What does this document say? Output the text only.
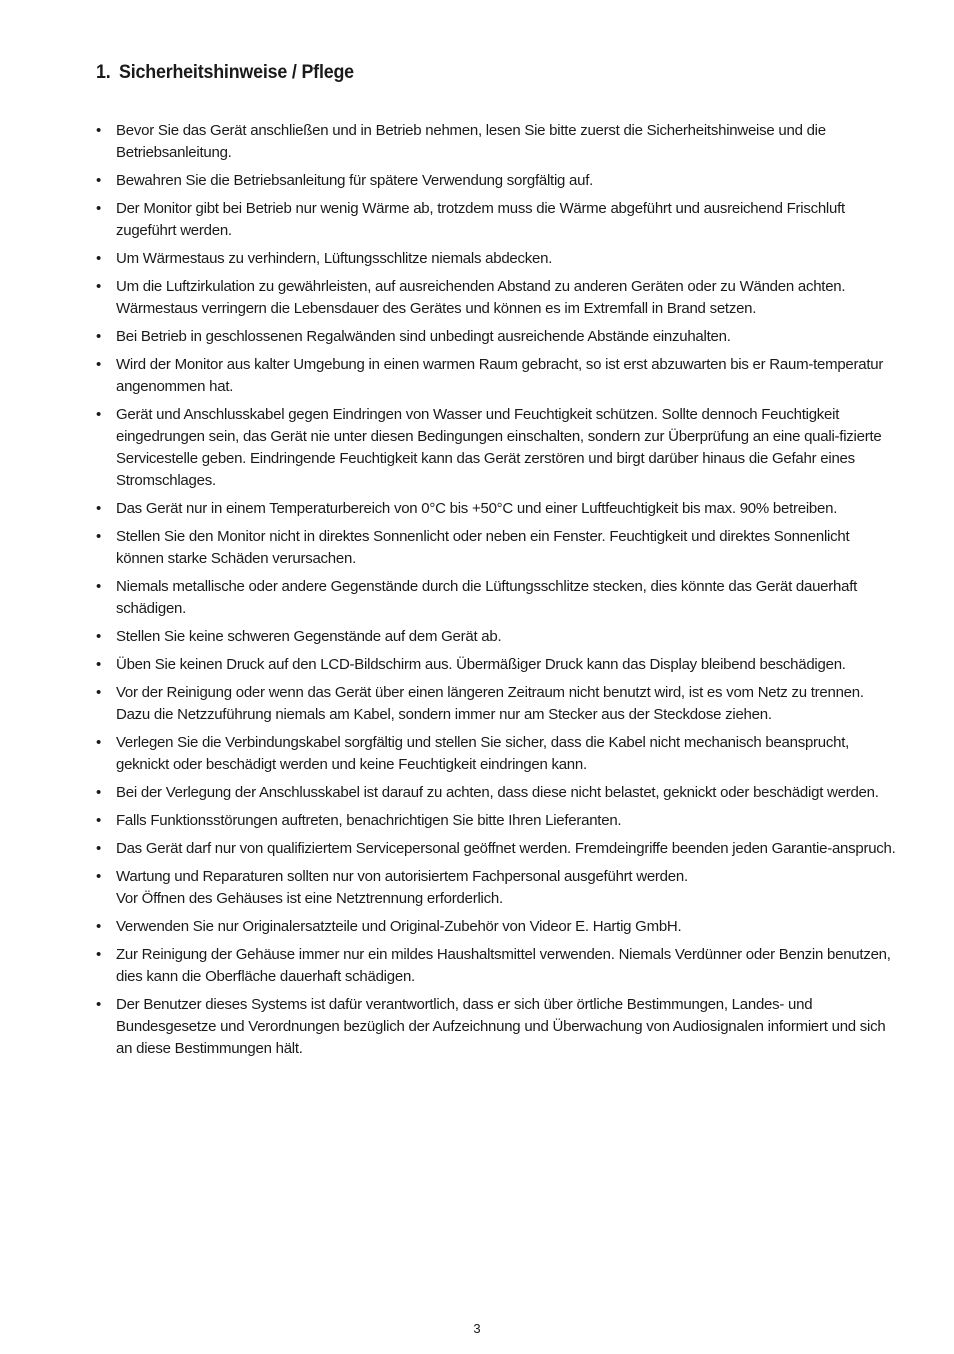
1. Sicherheitshinweise / Pflege
• Bevor Sie das Gerät anschließen und in Betrieb nehmen, lesen Sie bitte zuerst die Sicherheitshinweise und die Betriebsanleitung.
• Bewahren Sie die Betriebsanleitung für spätere Verwendung sorgfältig auf.
• Der Monitor gibt bei Betrieb nur wenig Wärme ab, trotzdem muss die Wärme abgeführt und ausreichend Frischluft zugeführt werden.
• Um Wärmestaus zu verhindern, Lüftungsschlitze niemals abdecken.
• Um die Luftzirkulation zu gewährleisten, auf ausreichenden Abstand zu anderen Geräten oder zu Wänden achten. Wärmestaus verringern die Lebensdauer des Gerätes und können es im Extremfall in Brand setzen.
• Bei Betrieb in geschlossenen Regalwänden sind unbedingt ausreichende Abstände einzuhalten.
• Wird der Monitor aus kalter Umgebung in einen warmen Raum gebracht, so ist erst abzuwarten bis er Raum-temperatur angenommen hat.
• Gerät und Anschlusskabel gegen Eindringen von Wasser und Feuchtigkeit schützen. Sollte dennoch Feuchtigkeit eingedrungen sein, das Gerät nie unter diesen Bedingungen einschalten, sondern zur Überprüfung an eine quali-fizierte Servicestelle geben. Eindringende Feuchtigkeit kann das Gerät zerstören und birgt darüber hinaus die Gefahr eines Stromschlages.
• Das Gerät nur in einem Temperaturbereich von 0°C bis +50°C und einer Luftfeuchtigkeit bis max. 90% betreiben.
• Stellen Sie den Monitor nicht in direktes Sonnenlicht oder neben ein Fenster. Feuchtigkeit und direktes Sonnenlicht können starke Schäden verursachen.
• Niemals metallische oder andere Gegenstände durch die Lüftungsschlitze stecken, dies könnte das Gerät dauerhaft schädigen.
• Stellen Sie keine schweren Gegenstände auf dem Gerät ab.
• Üben Sie keinen Druck auf den LCD-Bildschirm aus. Übermäßiger Druck kann das Display bleibend beschädigen.
• Vor der Reinigung oder wenn das Gerät über einen längeren Zeitraum nicht benutzt wird, ist es vom Netz zu trennen. Dazu die Netzzuführung niemals am Kabel, sondern immer nur am Stecker aus der Steckdose ziehen.
• Verlegen Sie die Verbindungskabel sorgfältig und stellen Sie sicher, dass die Kabel nicht mechanisch beansprucht, geknickt oder beschädigt werden und keine Feuchtigkeit eindringen kann.
• Bei der Verlegung der Anschlusskabel ist darauf zu achten, dass diese nicht belastet, geknickt oder beschädigt werden.
• Falls Funktionsstörungen auftreten, benachrichtigen Sie bitte Ihren Lieferanten.
• Das Gerät darf nur von qualifiziertem Servicepersonal geöffnet werden. Fremdeingriffe beenden jeden Garantie-anspruch.
• Wartung und Reparaturen sollten nur von autorisiertem Fachpersonal ausgeführt werden.
Vor Öffnen des Gehäuses ist eine Netztrennung erforderlich.
• Verwenden Sie nur Originalersatzteile und Original-Zubehör von Videor E. Hartig GmbH.
• Zur Reinigung der Gehäuse immer nur ein mildes Haushaltsmittel verwenden. Niemals Verdünner oder Benzin benutzen, dies kann die Oberfläche dauerhaft schädigen.
• Der Benutzer dieses Systems ist dafür verantwortlich, dass er sich über örtliche Bestimmungen, Landes- und Bundesgesetze und Verordnungen bezüglich der Aufzeichnung und Überwachung von Audiosignalen informiert und sich an diese Bestimmungen hält.
3
